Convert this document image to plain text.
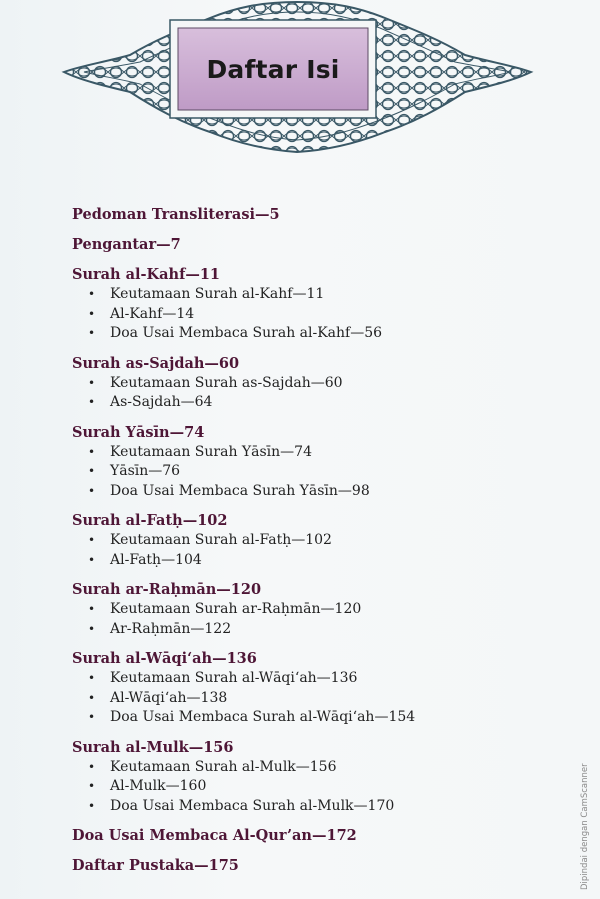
Daftar Isi
Pedoman Transliterasi—5
Pengantar—7
Surah al-Kahf—11
• Keutamaan Surah al-Kahf—11
• Al-Kahf—14
• Doa Usai Membaca Surah al-Kahf—56
Surah as-Sajdah—60
• Keutamaan Surah as-Sajdah—60
• As-Sajdah—64
Surah Yāsīn—74
• Keutamaan Surah Yāsīn—74
• Yāsīn—76
• Doa Usai Membaca Surah Yāsīn—98
Surah al-Fatḥ—102
• Keutamaan Surah al-Fatḥ—102
• Al-Fatḥ—104
Surah ar-Raḥmān—120
• Keutamaan Surah ar-Raḥmān—120
• Ar-Raḥmān—122
Surah al-Wāqi‘ah—136
• Keutamaan Surah al-Wāqi‘ah—136
• Al-Wāqi‘ah—138
• Doa Usai Membaca Surah al-Wāqi‘ah—154
Surah al-Mulk—156
• Keutamaan Surah al-Mulk—156
• Al-Mulk—160
• Doa Usai Membaca Surah al-Mulk—170
Doa Usai Membaca Al-Qur’an—172
Daftar Pustaka—175	Dipindai dengan CamScanner
